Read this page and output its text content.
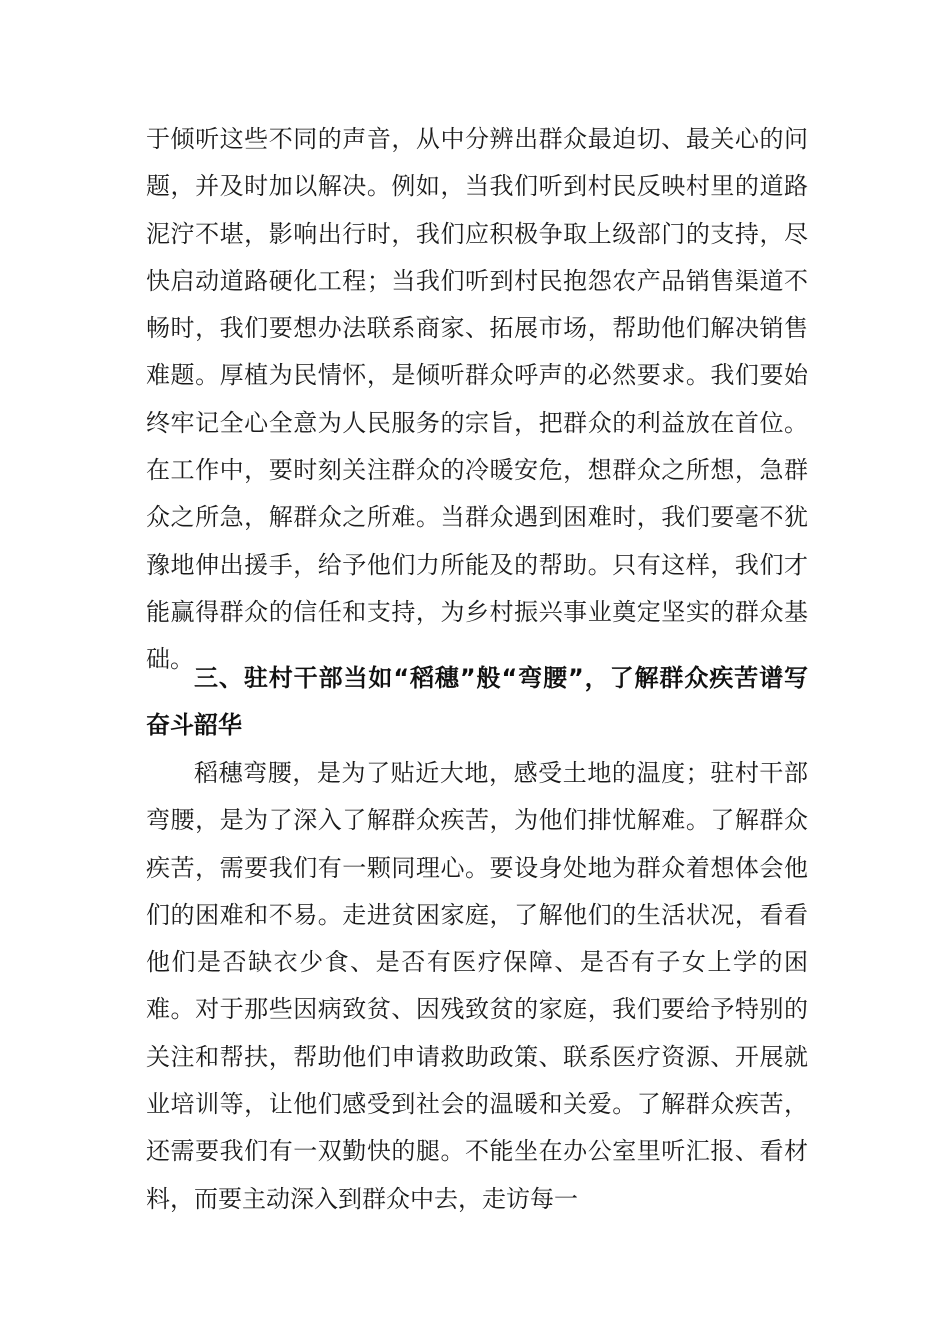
于倾听这些不同的声音，从中分辨出群众最迫切、最关心的问题，并及时加以解决。例如，当我们听到村民反映村里的道路泥泞不堪，影响出行时，我们应积极争取上级部门的支持，尽快启动道路硬化工程；当我们听到村民抱怨农产品销售渠道不畅时，我们要想办法联系商家、拓展市场，帮助他们解决销售难题。厚植为民情怀，是倾听群众呼声的必然要求。我们要始终牢记全心全意为人民服务的宗旨，把群众的利益放在首位。在工作中，要时刻关注群众的冷暖安危，想群众之所想，急群众之所急，解群众之所难。当群众遇到困难时，我们要毫不犹豫地伸出援手，给予他们力所能及的帮助。只有这样，我们才能赢得群众的信任和支持，为乡村振兴事业奠定坚实的群众基础。

三、驻村干部当如“稻穗”般“弯腰”，了解群众疾苦谱写奋斗韶华

稻穗弯腰，是为了贴近大地，感受土地的温度；驻村干部弯腰，是为了深入了解群众疾苦，为他们排忧解难。了解群众疾苦，需要我们有一颗同理心。要设身处地为群众着想体会他们的困难和不易。走进贫困家庭，了解他们的生活状况，看看他们是否缺衣少食、是否有医疗保障、是否有子女上学的困难。对于那些因病致贫、因残致贫的家庭，我们要给予特别的关注和帮扶，帮助他们申请救助政策、联系医疗资源、开展就业培训等，让他们感受到社会的温暖和关爱。了解群众疾苦，还需要我们有一双勤快的腿。不能坐在办公室里听汇报、看材料，而要主动深入到群众中去，走访每一
